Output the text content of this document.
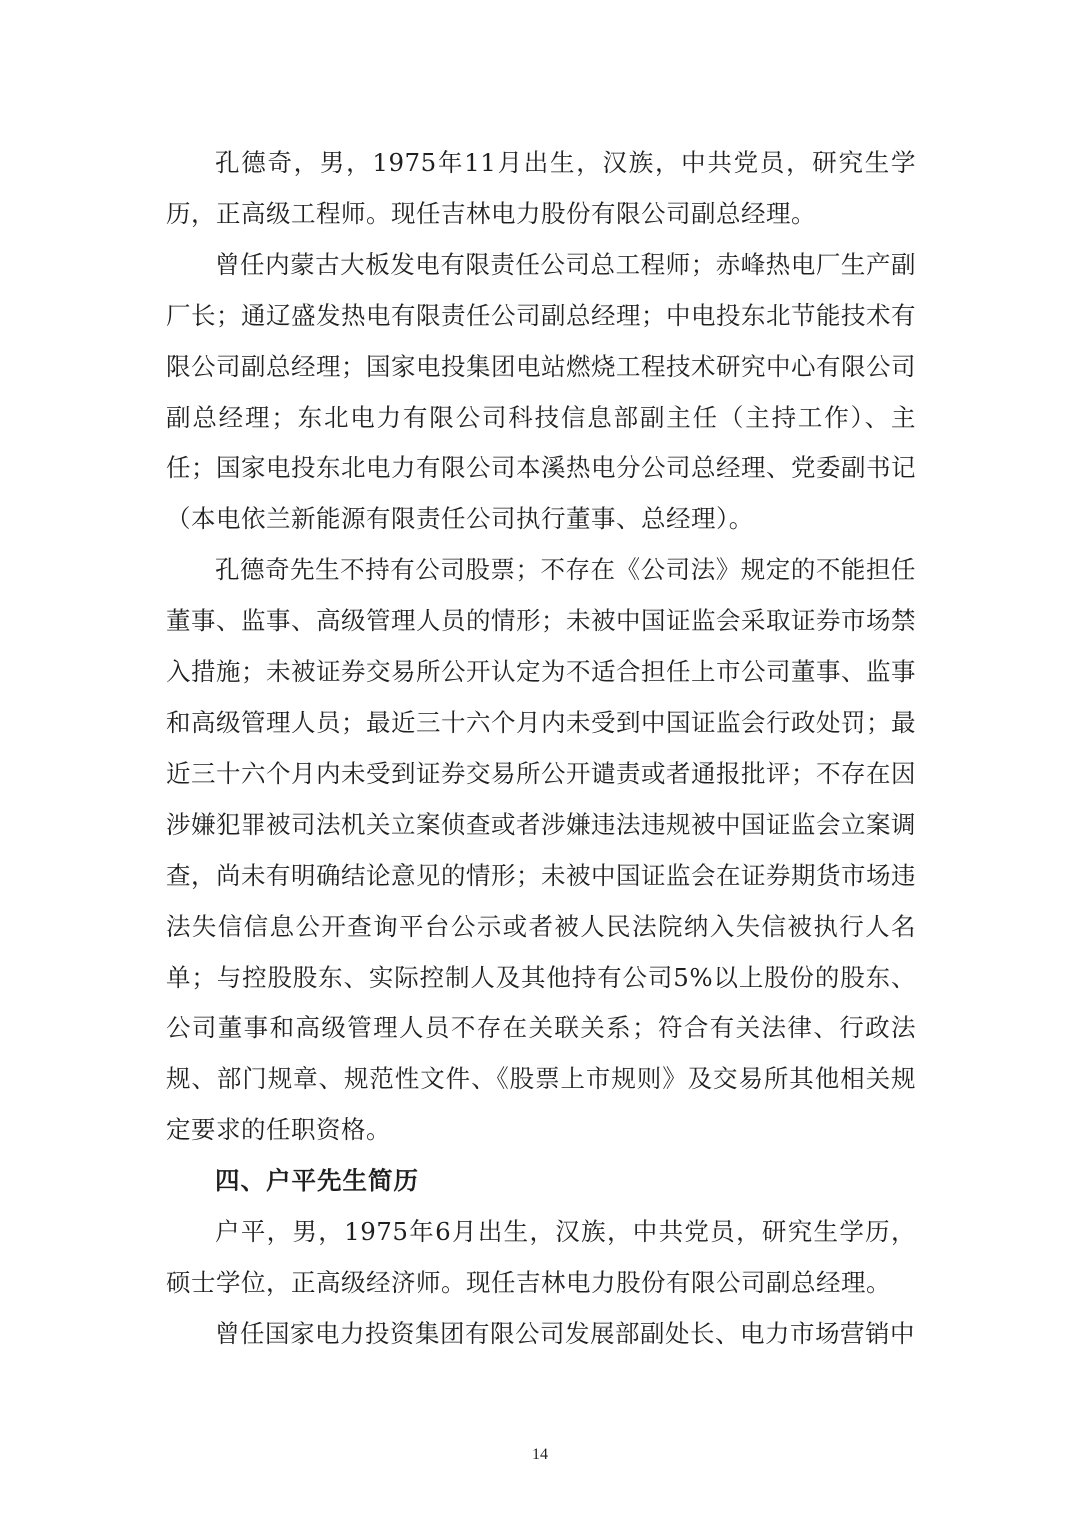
孔德奇，男，1975年11月出生，汉族，中共党员，研究生学历，正高级工程师。现任吉林电力股份有限公司副总经理。

曾任内蒙古大板发电有限责任公司总工程师；赤峰热电厂生产副厂长；通辽盛发热电有限责任公司副总经理；中电投东北节能技术有限公司副总经理；国家电投集团电站燃烧工程技术研究中心有限公司副总经理；东北电力有限公司科技信息部副主任（主持工作）、主任；国家电投东北电力有限公司本溪热电分公司总经理、党委副书记（本电依兰新能源有限责任公司执行董事、总经理）。

孔德奇先生不持有公司股票；不存在《公司法》规定的不能担任董事、监事、高级管理人员的情形；未被中国证监会采取证券市场禁入措施；未被证券交易所公开认定为不适合担任上市公司董事、监事和高级管理人员；最近三十六个月内未受到中国证监会行政处罚；最近三十六个月内未受到证券交易所公开谴责或者通报批评；不存在因涉嫌犯罪被司法机关立案侦查或者涉嫌违法违规被中国证监会立案调查，尚未有明确结论意见的情形；未被中国证监会在证券期货市场违法失信信息公开查询平台公示或者被人民法院纳入失信被执行人名单；与控股股东、实际控制人及其他持有公司5%以上股份的股东、公司董事和高级管理人员不存在关联关系；符合有关法律、行政法规、部门规章、规范性文件、《股票上市规则》及交易所其他相关规定要求的任职资格。

四、户平先生简历

户平，男，1975年6月出生，汉族，中共党员，研究生学历，硕士学位，正高级经济师。现任吉林电力股份有限公司副总经理。

曾任国家电力投资集团有限公司发展部副处长、电力市场营销中

14
